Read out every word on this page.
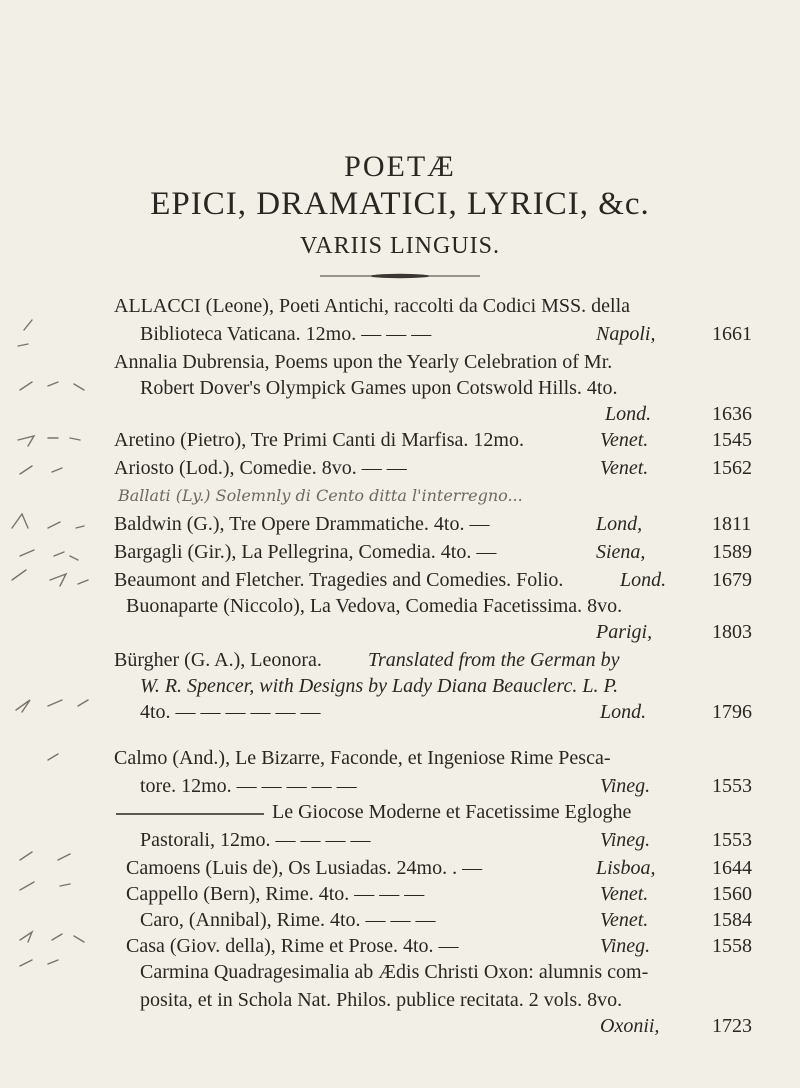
POETÆ
EPICI, DRAMATICI, LYRICI, &c.
VARIIS LINGUIS.
ALLACCI (Leone), Poeti Antichi, raccolti da Codici MSS. della
Biblioteca Vaticana. 12mo. — — —	Napoli,	1661
Annalia Dubrensia, Poems upon the Yearly Celebration of Mr.
Robert Dover's Olympick Games upon Cotswold Hills. 4to.
Lond.	1636
Aretino (Pietro), Tre Primi Canti di Marfisa. 12mo.	Venet.	1545
Ariosto (Lod.), Comedie. 8vo. — —	Venet.	1562
Ballati (Ly.) Solemnly di Cento ditta l'interregno...
Baldwin (G.), Tre Opere Drammatiche. 4to. —	Lond,	1811
Bargagli (Gir.), La Pellegrina, Comedia. 4to. —	Siena,	1589
Beaumont and Fletcher. Tragedies and Comedies. Folio.	Lond. 1679
Buonaparte (Niccolo), La Vedova, Comedia Facetissima. 8vo.
Parigi,	1803
Bürgher (G. A.), Leonora. Translated from the German by
W. R. Spencer, with Designs by Lady Diana Beauclerc. L. P.
4to. — — — — — —	Lond.	1796
Calmo (And.), Le Bizarre, Faconde, et Ingeniose Rime Pesca-
tore. 12mo. — — — — —	Vineg.	1553
Le Giocose Moderne et Facetissime Egloghe
Pastorali, 12mo. — — — —	Vineg.	1553
Camoens (Luis de), Os Lusiadas. 24mo. . —	Lisboa,	1644
Cappello (Bern), Rime. 4to. — — —	Venet.	1560
Caro, (Annibal), Rime. 4to. — — —	Venet.	1584
Casa (Giov. della), Rime et Prose. 4to. —	Vineg.	1558
Carmina Quadragesimalia ab Ædis Christi Oxon: alumnis com-
posita, et in Schola Nat. Philos. publice recitata. 2 vols. 8vo.
Oxonii,	1723
